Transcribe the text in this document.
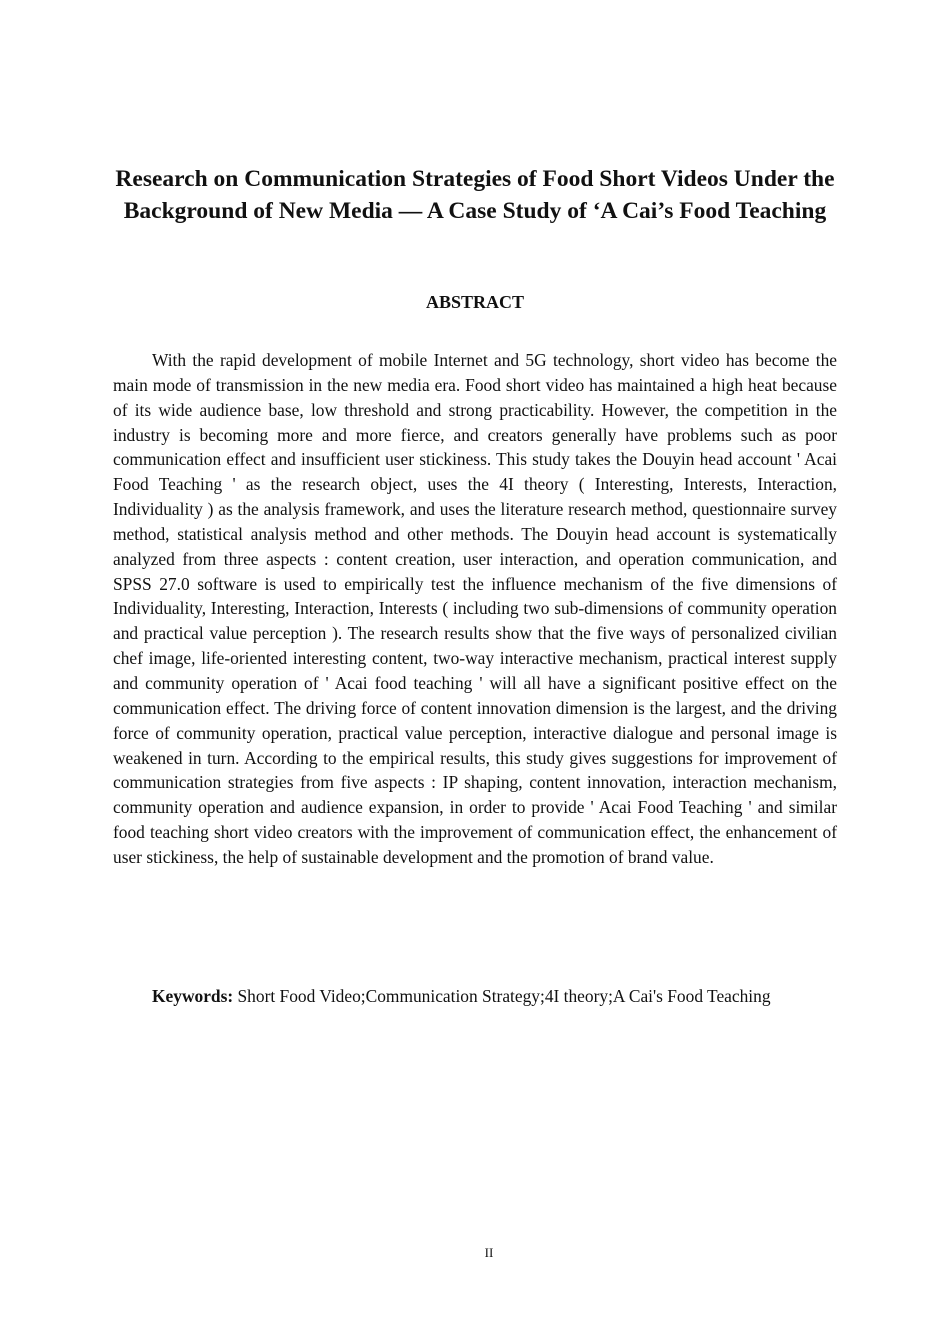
Research on Communication Strategies of Food Short Videos Under the Background of New Media — A Case Study of ‘A Cai’s Food Teaching
ABSTRACT

With the rapid development of mobile Internet and 5G technology, short video has become the main mode of transmission in the new media era. Food short video has maintained a high heat because of its wide audience base, low threshold and strong practicability. However, the competition in the industry is becoming more and more fierce, and creators generally have problems such as poor communication effect and insufficient user stickiness. This study takes the Douyin head account ' Acai Food Teaching ' as the research object, uses the 4I theory ( Interesting, Interests, Interaction, Individuality ) as the analysis framework, and uses the literature research method, questionnaire survey method, statistical analysis method and other methods. The Douyin head account is systematically analyzed from three aspects : content creation, user interaction, and operation communication, and SPSS 27.0 software is used to empirically test the influence mechanism of the five dimensions of Individuality, Interesting, Interaction, Interests ( including two sub-dimensions of community operation and practical value perception ). The research results show that the five ways of personalized civilian chef image, life-oriented interesting content, two-way interactive mechanism, practical interest supply and community operation of ' Acai food teaching ' will all have a significant positive effect on the communication effect. The driving force of content innovation dimension is the largest, and the driving force of community operation, practical value perception, interactive dialogue and personal image is weakened in turn. According to the empirical results, this study gives suggestions for improvement of communication strategies from five aspects : IP shaping, content innovation, interaction mechanism, community operation and audience expansion, in order to provide ' Acai Food Teaching ' and similar food teaching short video creators with the improvement of communication effect, the enhancement of user stickiness, the help of sustainable development and the promotion of brand value.

Keywords: Short Food Video;Communication Strategy;4I theory;A Cai's Food Teaching

II
